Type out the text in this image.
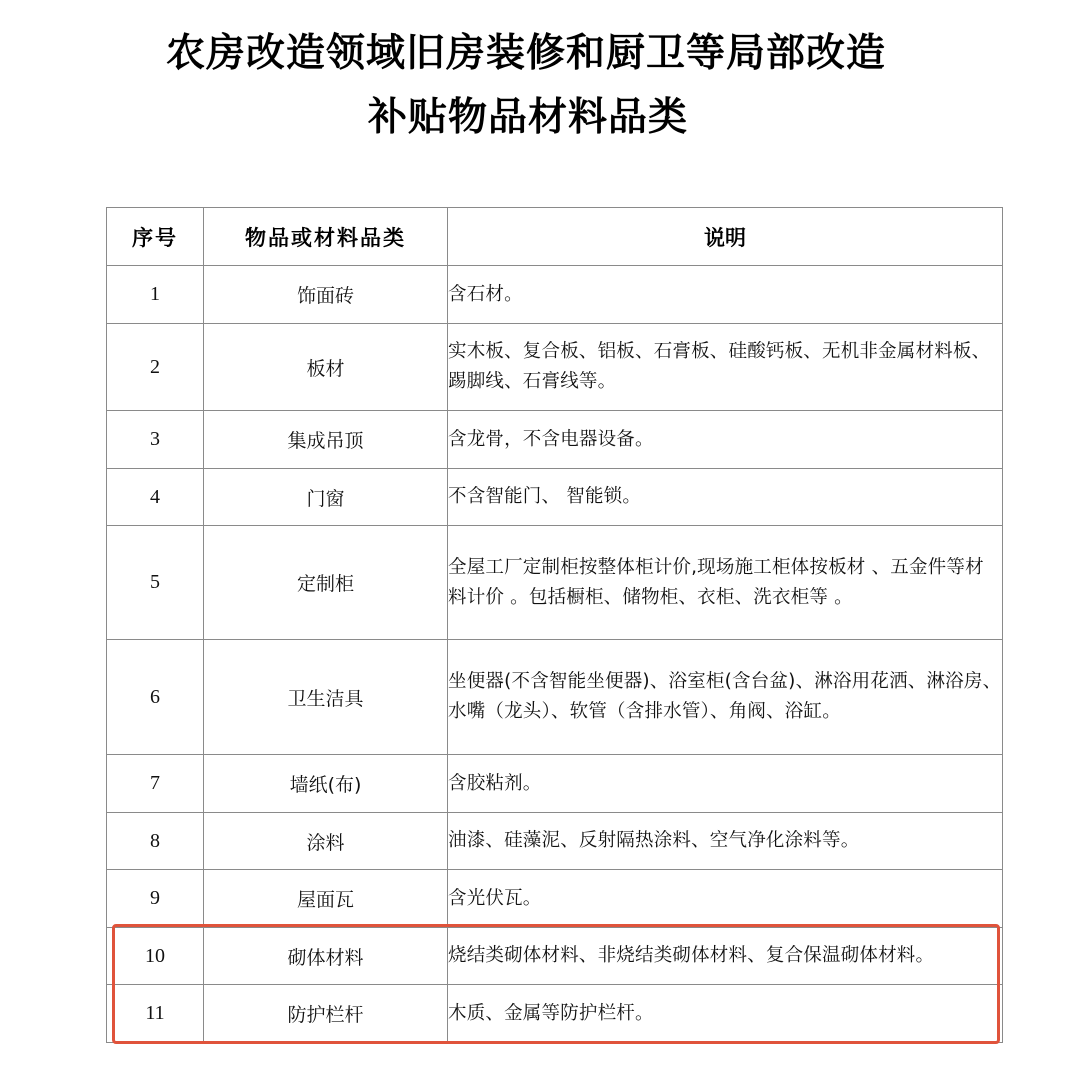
农房改造领域旧房装修和厨卫等局部改造
补贴物品材料品类
序号	物品或材料品类	说明
1	饰面砖	含石材。
2	板材	实木板、复合板、铝板、石膏板、硅酸钙板、无机非金属材料板、踢脚线、石膏线等。
3	集成吊顶	含龙骨，不含电器设备。
4	门窗	不含智能门、 智能锁。
5	定制柜	全屋工厂定制柜按整体柜计价,现场施工柜体按板材 、五金件等材料计价 。包括橱柜、储物柜、衣柜、洗衣柜等 。
6	卫生洁具	坐便器(不含智能坐便器)、浴室柜(含台盆)、淋浴用花洒、淋浴房、水嘴（龙头）、软管（含排水管）、角阀、浴缸。
7	墙纸(布)	含胶粘剂。
8	涂料	油漆、硅藻泥、反射隔热涂料、空气净化涂料等。
9	屋面瓦	含光伏瓦。
10	砌体材料	烧结类砌体材料、非烧结类砌体材料、复合保温砌体材料。
11	防护栏杆	木质、金属等防护栏杆。
